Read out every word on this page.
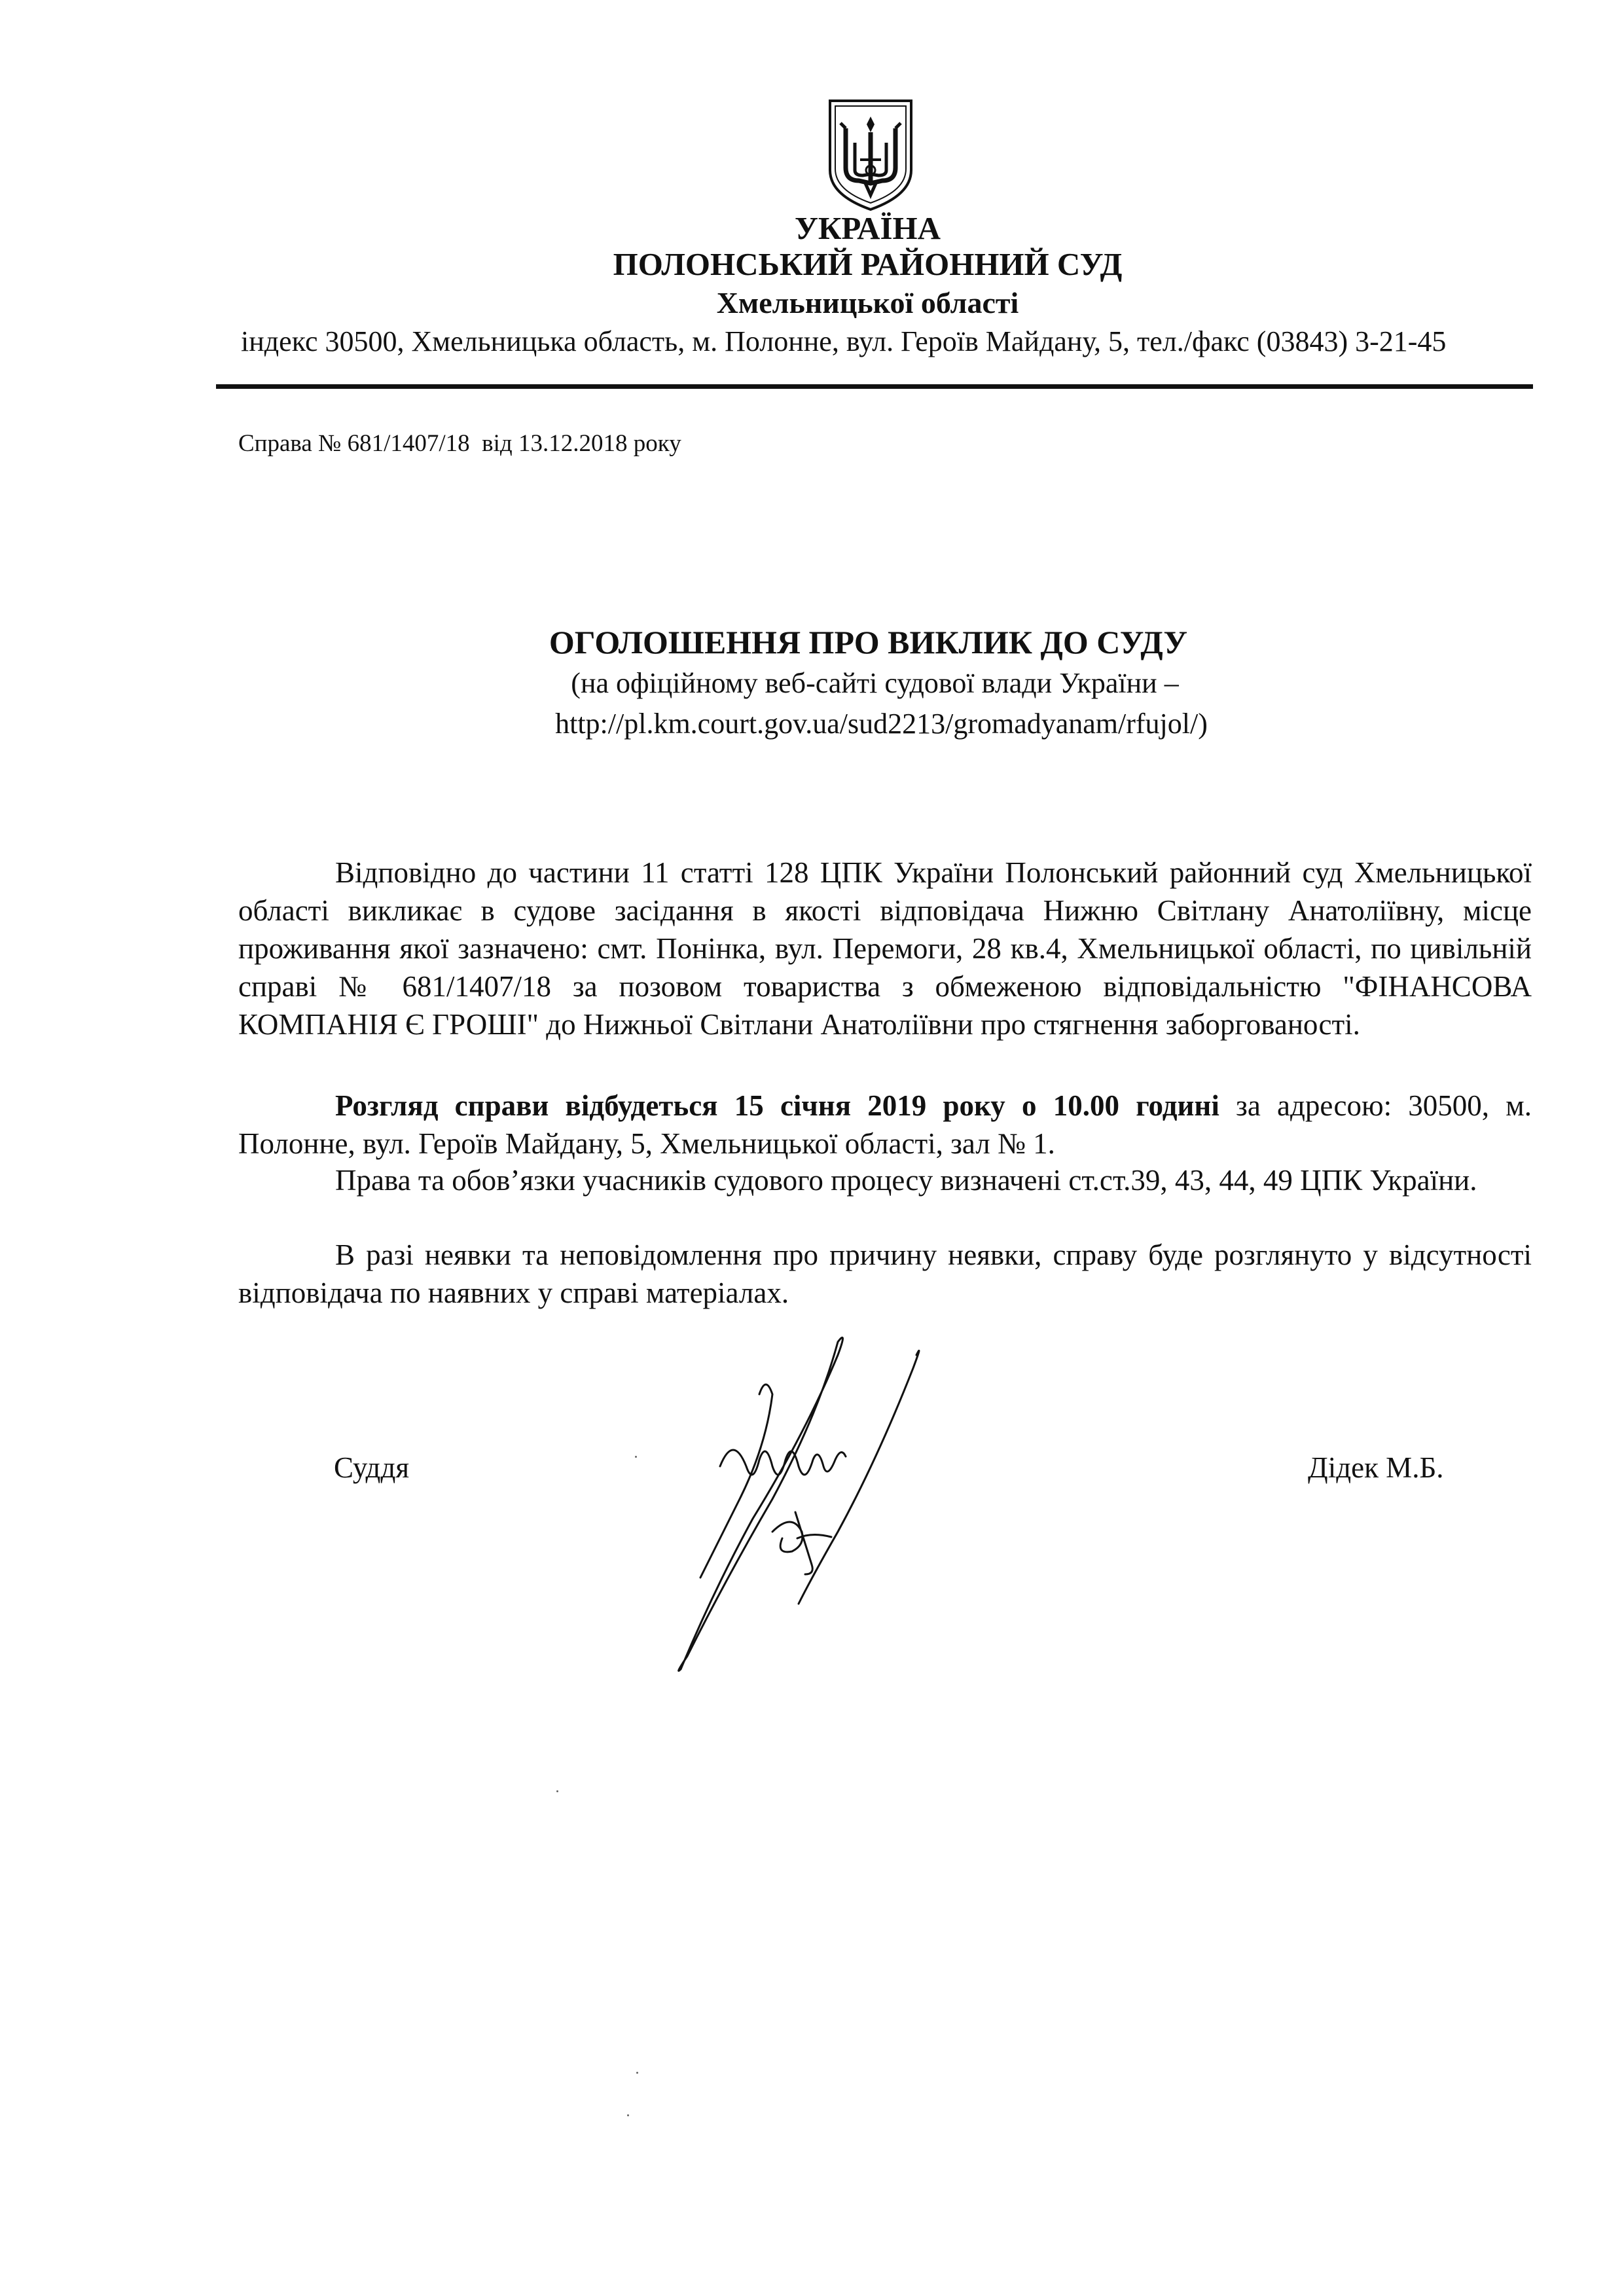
УКРАЇНА
ПОЛОНСЬКИЙ РАЙОННИЙ СУД
Хмельницької області
індекс 30500, Хмельницька область, м. Полонне, вул. Героїв Майдану, 5, тел./факс (03843) 3-21-45
Справа № 681/1407/18 від 13.12.2018 року
ОГОЛОШЕННЯ ПРО ВИКЛИК ДО СУДУ
(на офіційному веб-сайті судової влади України –
http://pl.km.court.gov.ua/sud2213/gromadyanam/rfujol/)

Відповідно до частини 11 статті 128 ЦПК України Полонський районний суд Хмельницької області викликає в судове засідання в якості відповідача Нижню Світлану Анатоліївну, місце проживання якої зазначено: смт. Понінка, вул. Перемоги, 28 кв.4, Хмельницької області, по цивільній справі № 681/1407/18 за позовом товариства з обмеженою відповідальністю "ФІНАНСОВА КОМПАНІЯ Є ГРОШІ" до Нижньої Світлани Анатоліївни про стягнення заборгованості.

Розгляд справи відбудеться 15 січня 2019 року о 10.00 годині за адресою: 30500, м. Полонне, вул. Героїв Майдану, 5, Хмельницької області, зал № 1.

Права та обов’язки учасників судового процесу визначені ст.ст.39, 43, 44, 49 ЦПК України.

В разі неявки та неповідомлення про причину неявки, справу буде розглянуто у відсутності відповідача по наявних у справі матеріалах.

Суддя	Дідек М.Б.
